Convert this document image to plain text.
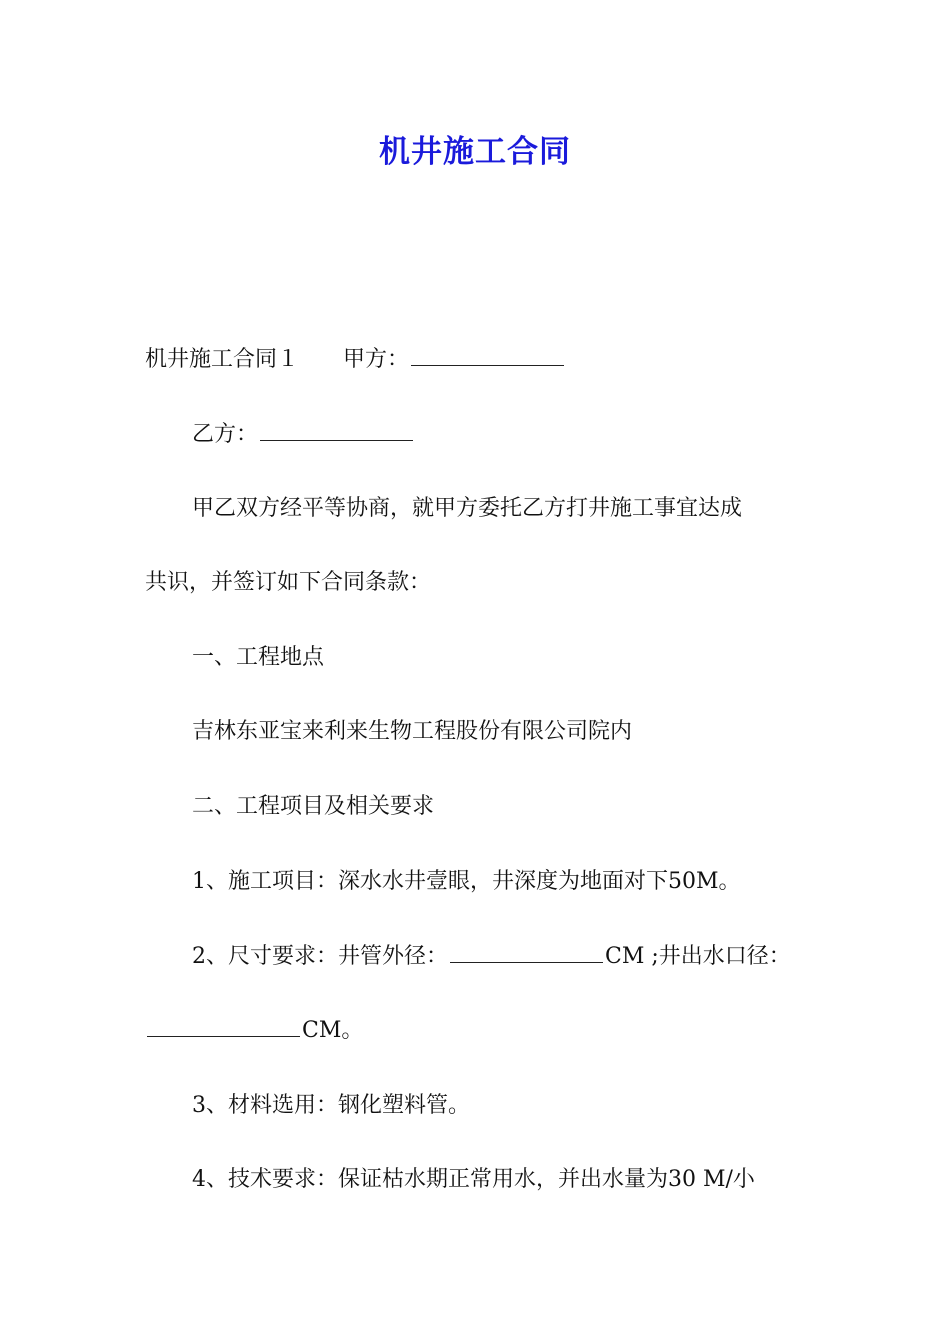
机井施工合同
机井施工合同１ 甲方：
乙方：
甲乙双方经平等协商，就甲方委托乙方打井施工事宜达成
共识，并签订如下合同条款：
一、工程地点
吉林东亚宝来利来生物工程股份有限公司院内
二、工程项目及相关要求
1、施工项目：深水水井壹眼，井深度为地面对下50M。
2、尺寸要求：井管外径：	CM ;井出水口径：
CM。
3、材料选用：钢化塑料管。
4、技术要求：保证枯水期正常用水，并出水量为30 M/小
